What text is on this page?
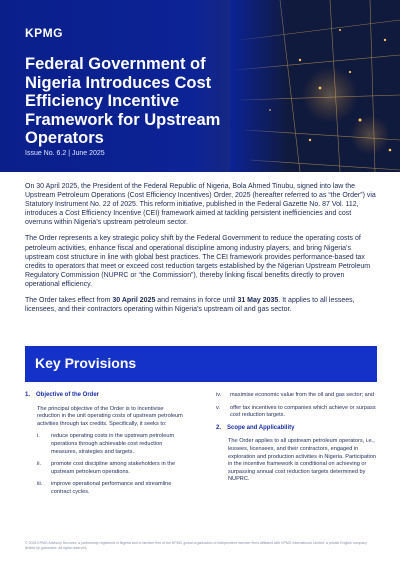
KPMG
Federal Government of Nigeria Introduces Cost Efficiency Incentive Framework for Upstream Operators
Issue No. 6.2 | June 2025

On 30 April 2025, the President of the Federal Republic of Nigeria, Bola Ahmed Tinubu, signed into law the Upstream Petroleum Operations (Cost Efficiency Incentives) Order, 2025 (hereafter referred to as “the Order”) via Statutory Instrument No. 22 of 2025. This reform initiative, published in the Federal Gazette No. 87 Vol. 112, introduces a Cost Efficiency Incentive (CEI) framework aimed at tackling persistent inefficiencies and cost overruns within Nigeria’s upstream petroleum sector.

The Order represents a key strategic policy shift by the Federal Government to reduce the operating costs of petroleum activities, enhance fiscal and operational discipline among industry players, and bring Nigeria’s upstream cost structure in line with global best practices. The CEI framework provides performance-based tax credits to operators that meet or exceed cost reduction targets established by the Nigerian Upstream Petroleum Regulatory Commission (NUPRC or “the Commission”), thereby linking fiscal benefits directly to proven operational efficiency.

The Order takes effect from 30 April 2025 and remains in force until 31 May 2035. It applies to all lessees, licensees, and their contractors operating within Nigeria’s upstream oil and gas sector.

Key Provisions
1. Objective of the Order
The principal objective of the Order is to incentivise reduction in the unit operating costs of upstream petroleum activities through tax credits. Specifically, it seeks to:
i.	reduce operating costs in the upstream petroleum operations through achievable cost reduction measures, strategies and targets.
ii.	promote cost discipline among stakeholders in the upstream petroleum operations.
iii.	improve operational performance and streamline contract cycles.
iv.	maximise economic value from the oil and gas sector; and
v.	offer tax incentives to companies which achieve or surpass cost reduction targets.
2. Scope and Applicability
The Order applies to all upstream petroleum operators, i.e., lessees, licensees, and their contractors, engaged in exploration and production activities in Nigeria. Participation in the incentive framework is conditional on achieving or surpassing annual cost reduction targets determined by NUPRC.
© 2025 KPMG Advisory Services, a partnership registered in Nigeria and a member firm of the KPMG global organization of independent member firms affiliated with KPMG International Limited, a private English company limited by guarantee. All rights reserved.
